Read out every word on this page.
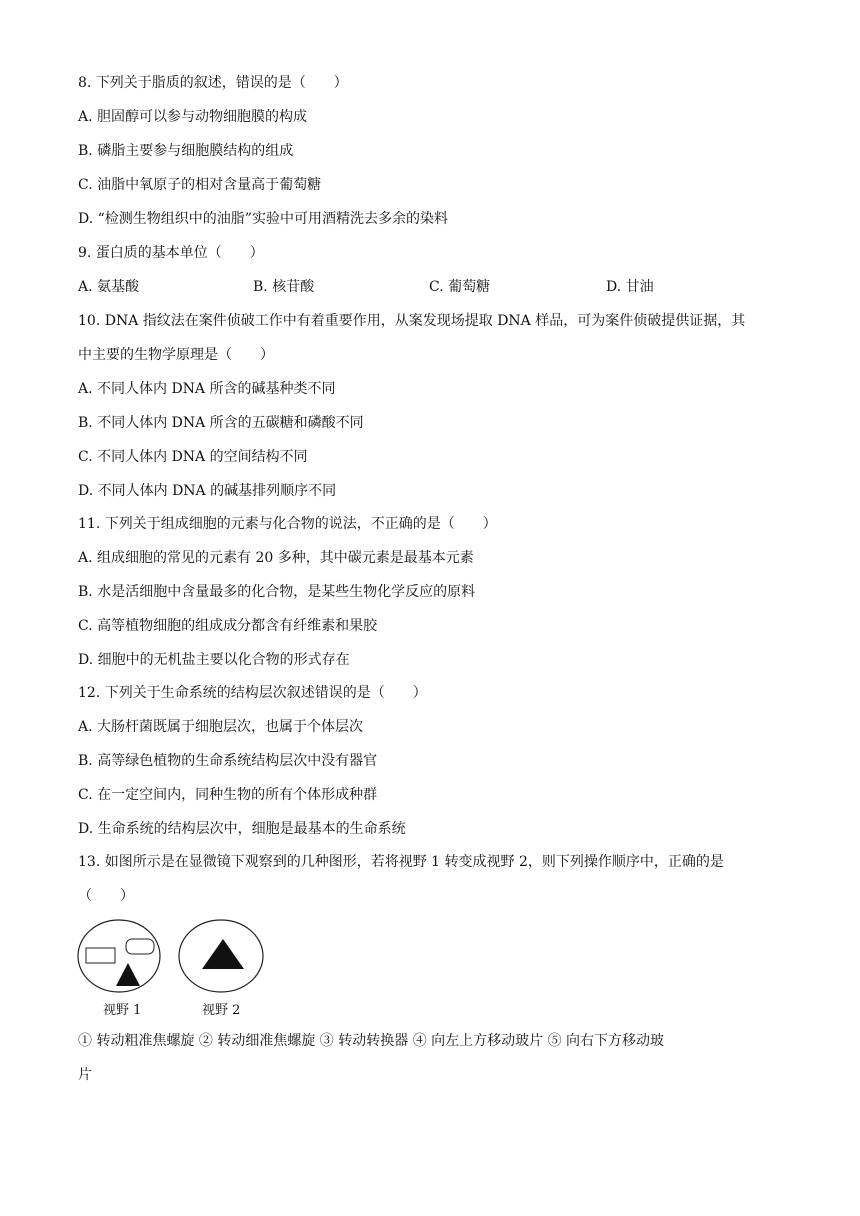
8. 下列关于脂质的叙述，错误的是（　　）
A. 胆固醇可以参与动物细胞膜的构成
B. 磷脂主要参与细胞膜结构的组成
C. 油脂中氧原子的相对含量高于葡萄糖
D. “检测生物组织中的油脂”实验中可用酒精洗去多余的染料
9. 蛋白质的基本单位（　　）
A. 氨基酸	B. 核苷酸	C. 葡萄糖	D. 甘油
10. DNA 指纹法在案件侦破工作中有着重要作用，从案发现场提取 DNA 样品，可为案件侦破提供证据，其
中主要的生物学原理是（　　）
A. 不同人体内 DNA 所含的碱基种类不同
B. 不同人体内 DNA 所含的五碳糖和磷酸不同
C. 不同人体内 DNA 的空间结构不同
D. 不同人体内 DNA 的碱基排列顺序不同
11. 下列关于组成细胞的元素与化合物的说法，不正确的是（　　）
A. 组成细胞的常见的元素有 20 多种，其中碳元素是最基本元素
B. 水是活细胞中含量最多的化合物，是某些生物化学反应的原料
C. 高等植物细胞的组成成分都含有纤维素和果胶
D. 细胞中的无机盐主要以化合物的形式存在
12. 下列关于生命系统的结构层次叙述错误的是（　　）
A. 大肠杆菌既属于细胞层次，也属于个体层次
B. 高等绿色植物的生命系统结构层次中没有器官
C. 在一定空间内，同种生物的所有个体形成种群
D. 生命系统的结构层次中，细胞是最基本的生命系统
13. 如图所示是在显微镜下观察到的几种图形，若将视野 1 转变成视野 2，则下列操作顺序中，正确的是
（　　）
视野 1	视野 2
① 转动粗准焦螺旋 ② 转动细准焦螺旋 ③ 转动转换器 ④ 向左上方移动玻片 ⑤ 向右下方移动玻
片
